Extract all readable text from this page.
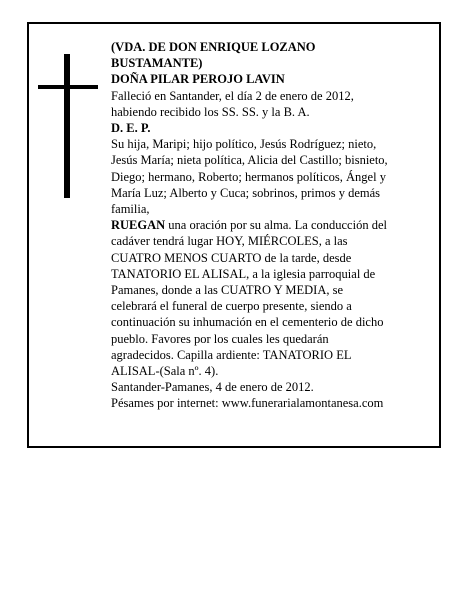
(VDA. DE DON ENRIQUE LOZANO
BUSTAMANTE)
DOÑA PILAR PEROJO LAVIN
Falleció en Santander, el día 2 de enero de 2012,
habiendo recibido los SS. SS. y la B. A.
D. E. P.
Su hija, Maripi; hijo político, Jesús Rodríguez; nieto,
Jesús María; nieta política, Alicia del Castillo; bisnieto,
Diego; hermano, Roberto; hermanos políticos, Ángel y
María Luz; Alberto y Cuca; sobrinos, primos y demás
familia,
RUEGAN una oración por su alma. La conducción del
cadáver tendrá lugar HOY, MIÉRCOLES, a las
CUATRO MENOS CUARTO de la tarde, desde
TANATORIO EL ALISAL, a la iglesia parroquial de
Pamanes, donde a las CUATRO Y MEDIA, se
celebrará el funeral de cuerpo presente, siendo a
continuación su inhumación en el cementerio de dicho
pueblo. Favores por los cuales les quedarán
agradecidos. Capilla ardiente: TANATORIO EL
ALISAL-(Sala nº. 4).
Santander-Pamanes, 4 de enero de 2012.
Pésames por internet: www.funerarialamontanesa.com
